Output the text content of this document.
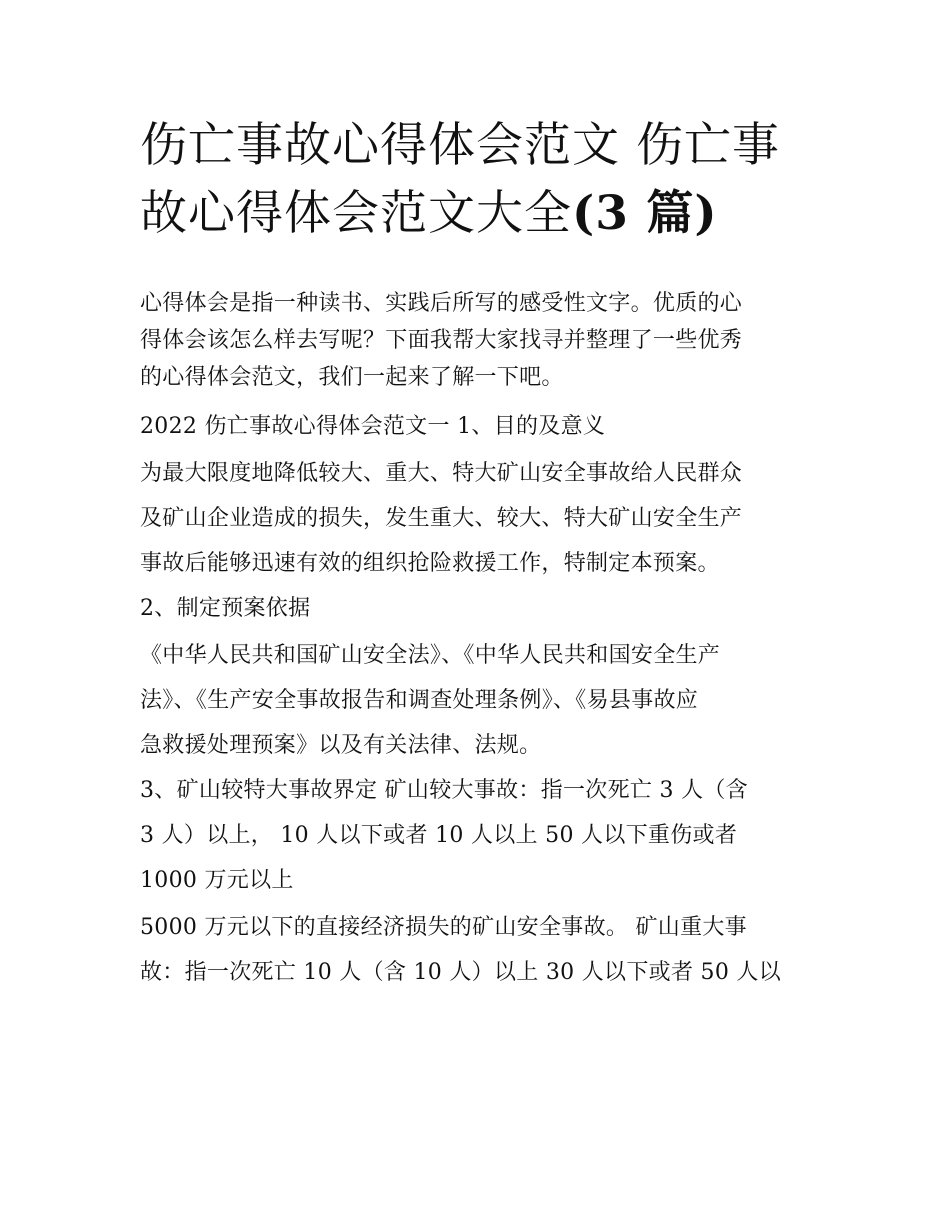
伤亡事故心得体会范文 伤亡事
故心得体会范文大全(3 篇)

心得体会是指一种读书、实践后所写的感受性文字。优质的心

得体会该怎么样去写呢？下面我帮大家找寻并整理了一些优秀

的心得体会范文，我们一起来了解一下吧。

2022 伤亡事故心得体会范文一 1、目的及意义

为最大限度地降低较大、重大、特大矿山安全事故给人民群众

及矿山企业造成的损失，发生重大、较大、特大矿山安全生产

事故后能够迅速有效的组织抢险救援工作，特制定本预案。

2、制定预案依据

《中华人民共和国矿山安全法》、《中华人民共和国安全生产

法》、《生产安全事故报告和调查处理条例》、《易县事故应

急救援处理预案》以及有关法律、法规。

3、矿山较特大事故界定 矿山较大事故：指一次死亡 3 人（含

3 人）以上， 10 人以下或者 10 人以上 50 人以下重伤或者

1000 万元以上

5000 万元以下的直接经济损失的矿山安全事故。 矿山重大事

故：指一次死亡 10 人（含 10 人）以上 30 人以下或者 50 人以
